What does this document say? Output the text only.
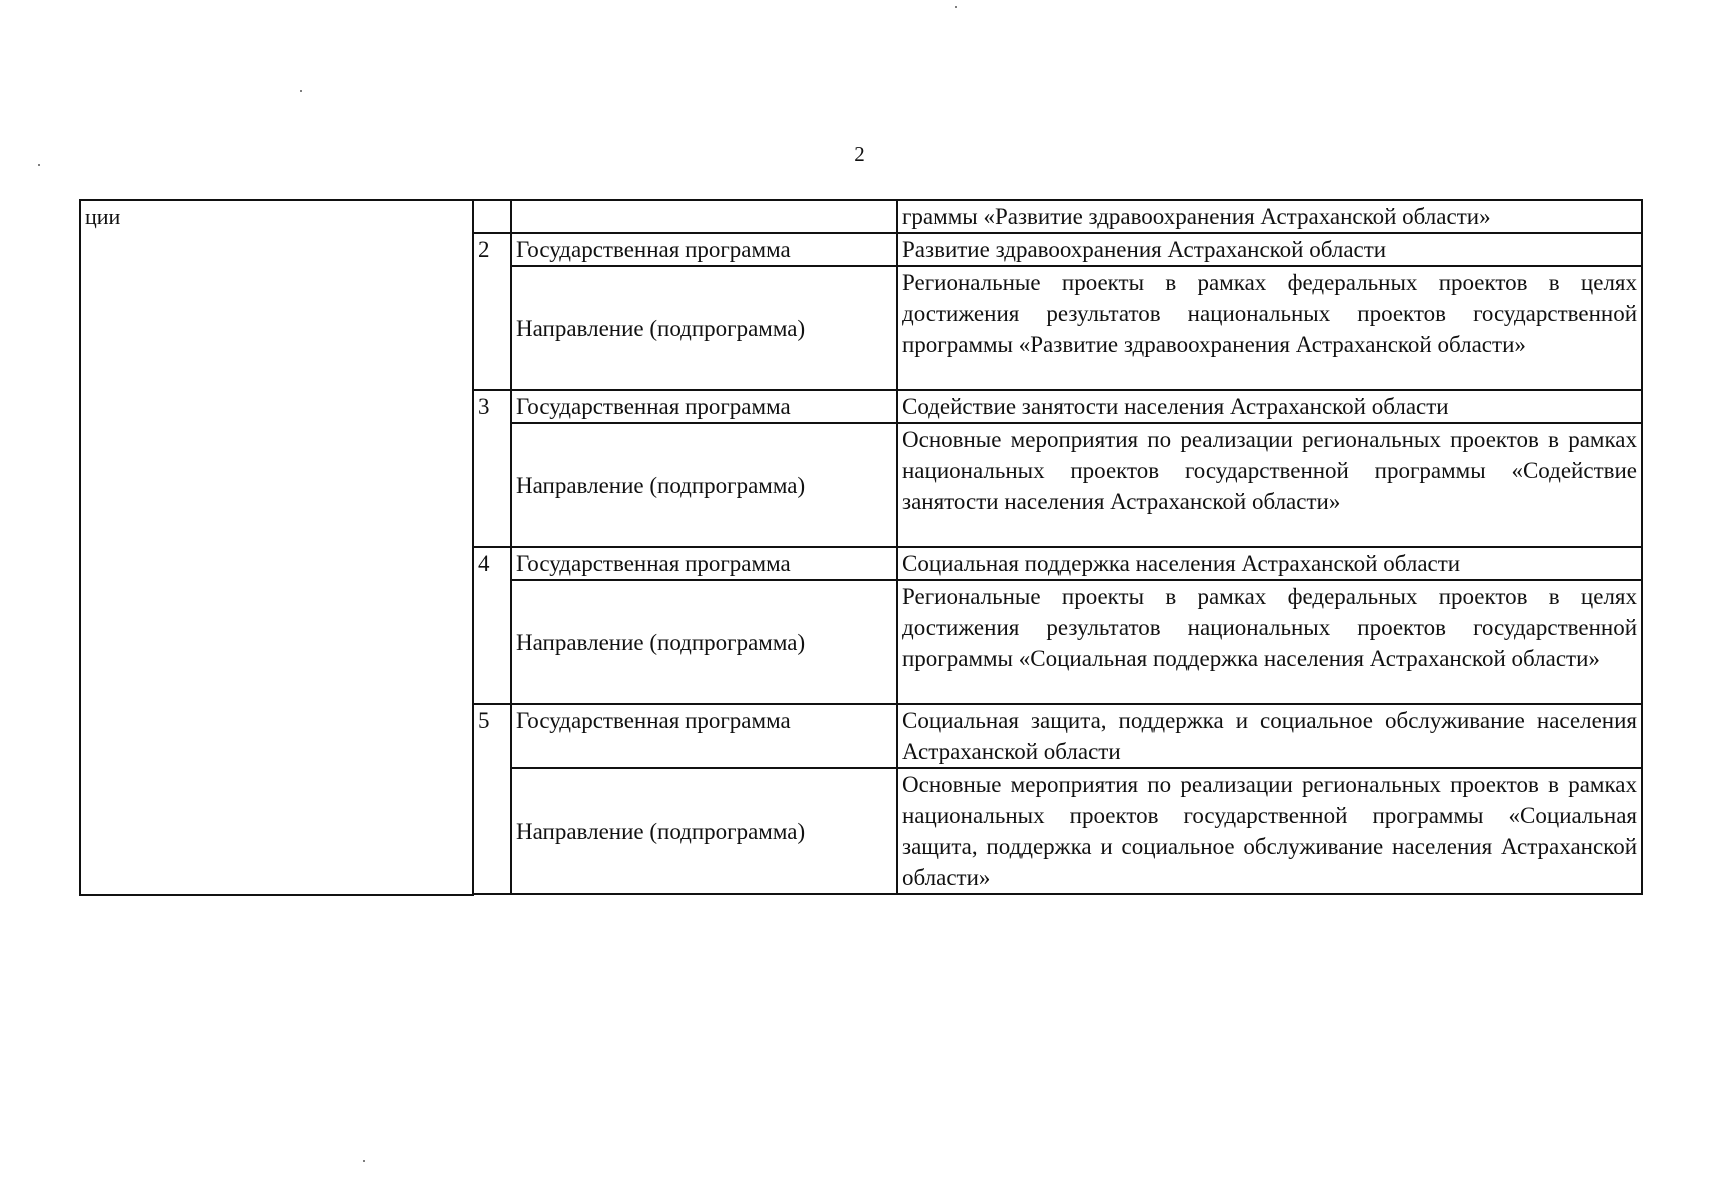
2
ции			граммы «Развитие здравоохранения Астраханской области»
	2	Государственная программа	Развитие здравоохранения Астраханской области
		Направление (подпрограмма)	Региональные проекты в рамках федеральных проектов в целях достижения результатов национальных проектов государственной программы «Развитие здравоохранения Астраханской области»
	3	Государственная программа	Содействие занятости населения Астраханской области
		Направление (подпрограмма)	Основные мероприятия по реализации региональных проектов в рамках национальных проектов государственной программы «Содействие занятости населения Астраханской области»
	4	Государственная программа	Социальная поддержка населения Астраханской области
		Направление (подпрограмма)	Региональные проекты в рамках федеральных проектов в целях достижения результатов национальных проектов государственной программы «Социальная поддержка населения Астраханской области»
	5	Государственная программа	Социальная защита, поддержка и социальное обслуживание населения Астраханской области
		Направление (подпрограмма)	Основные мероприятия по реализации региональных проектов в рамках национальных проектов государственной программы «Социальная защита, поддержка и социальное обслуживание населения Астраханской области»
